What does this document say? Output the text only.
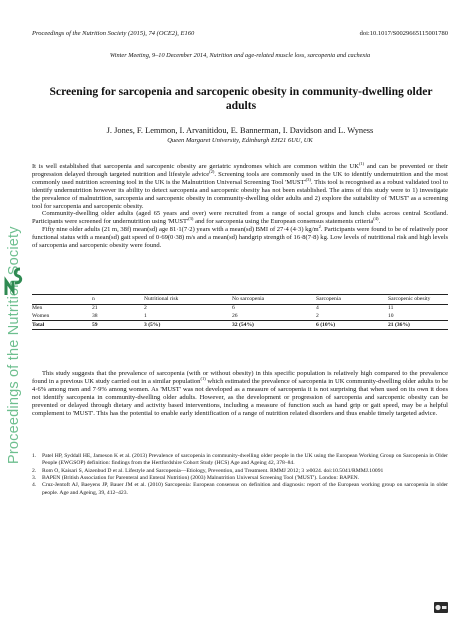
Proceedings of the Nutrition Society
Proceedings of the Nutrition Society (2015), 74 (OCE2), E160	doi:10.1017/S0029665115001780
Winter Meeting, 9–10 December 2014, Nutrition and age-related muscle loss, sarcopenia and cachexia
Screening for sarcopenia and sarcopenic obesity in community-dwelling older adults
J. Jones, F. Lemmon, I. Arvanitidou, E. Bannerman, I. Davidson and L. Wyness
Queen Margaret University, Edinburgh EH21 6UU, UK

It is well established that sarcopenia and sarcopenic obesity are geriatric syndromes which are common within the UK$^{(1)}$ and can be prevented or their progression delayed through targeted nutrition and lifestyle advice$^{(2)}$. Screening tools are commonly used in the UK to identify undernutrition and the most commonly used nutrition screening tool in the UK is the Malnutrition Universal Screening Tool '$MUST'^{(3)}$. This tool is recognised as a robust validated tool to identify undernutrition however its ability to detect sarcopenia and sarcopenic obesity has not been established. The aims of this study were to 1) investigate the prevalence of malnutrition, sarcopenia and sarcopenic obesity in community-dwelling older adults and 2) explore the suitability of 'MUST' as a screening tool for sarcopenia and sarcopenic obesity.

Community-dwelling older adults (aged 65 years and over) were recruited from a range of social groups and lunch clubs across central Scotland. Participants were screened for undernutrition using '$MUST'^{(3)}$ and for sarcopenia using the European consensus statements criteria$^{(4)}$.

Fifty nine older adults (21 m, 38f) mean(sd) age 81·1(7·2) years with a mean(sd) BMI of 27·4 (4·3) $kg/m^2$. Participants were found to be of relatively poor functional status with a mean(sd) gait speed of 0·69(0·38) m/s and a mean(sd) handgrip strength of 16·8(7·8) kg. Low levels of nutritional risk and high levels of sarcopenia and sarcopenic obesity were found.

	n	Nutritional risk	No sarcopenia	Sarcopenia	Sarcopenic obesity
Men	21	2	6	4	11
Women	38	1	26	2	10
Total	59	3 (5%)	32 (54%)	6 (10%)	21 (36%)

This study suggests that the prevalence of sarcopenia (with or without obesity) in this specific population is relatively high compared to the prevalence found in a previous UK study carried out in a similar population$^{(1)}$ which estimated the prevalence of sarcopenia in UK community-dwelling older adults to be 4·6% among men and 7·9% among women. As 'MUST' was not developed as a measure of sarcopenia it is not surprising that when used on its own it does not identify sarcopenia in community-dwelling older adults. However, as the development or progression of sarcopenia and sarcopenic obesity can be prevented or delayed through dietary and activity based interventions, including a measure of function such as hand grip or gait speed, may be a helpful complement to 'MUST'. This has the potential to enable early identification of a range of nutrition related disorders and thus enable timely targeted advice.

1.	Patel HP, Syddall HE, Jameson K et al. (2013) Prevalence of sarcopenia in community-dwelling older people in the UK using the European Working Group on Sarcopenia in Older People (EWGSOP) definition: findings from the Hertfordshire Cohort Study (HCS) Age and Ageing 42, 378–84.
2.	Rom O, Kaisari S, Aizenbud D et al. Lifestyle and Sarcopenia—Etiology, Prevention, and Treatment. RMMJ 2012; 3 :e0024. doi:10.5041/RMMJ.10091
3.	BAPEN (British Association for Parenteral and Enteral Nutrition) (2003) Malnutrition Universal Screening Tool ('MUST'). London: BAPEN.
4.	Cruz-Jentoft AJ, Baeyens JP, Bauer JM et al. (2010) Sarcopenia: European consensus on definition and diagnosis: report of the European working group on sarcopenia in older people. Age and Ageing, 39, 412–423.
